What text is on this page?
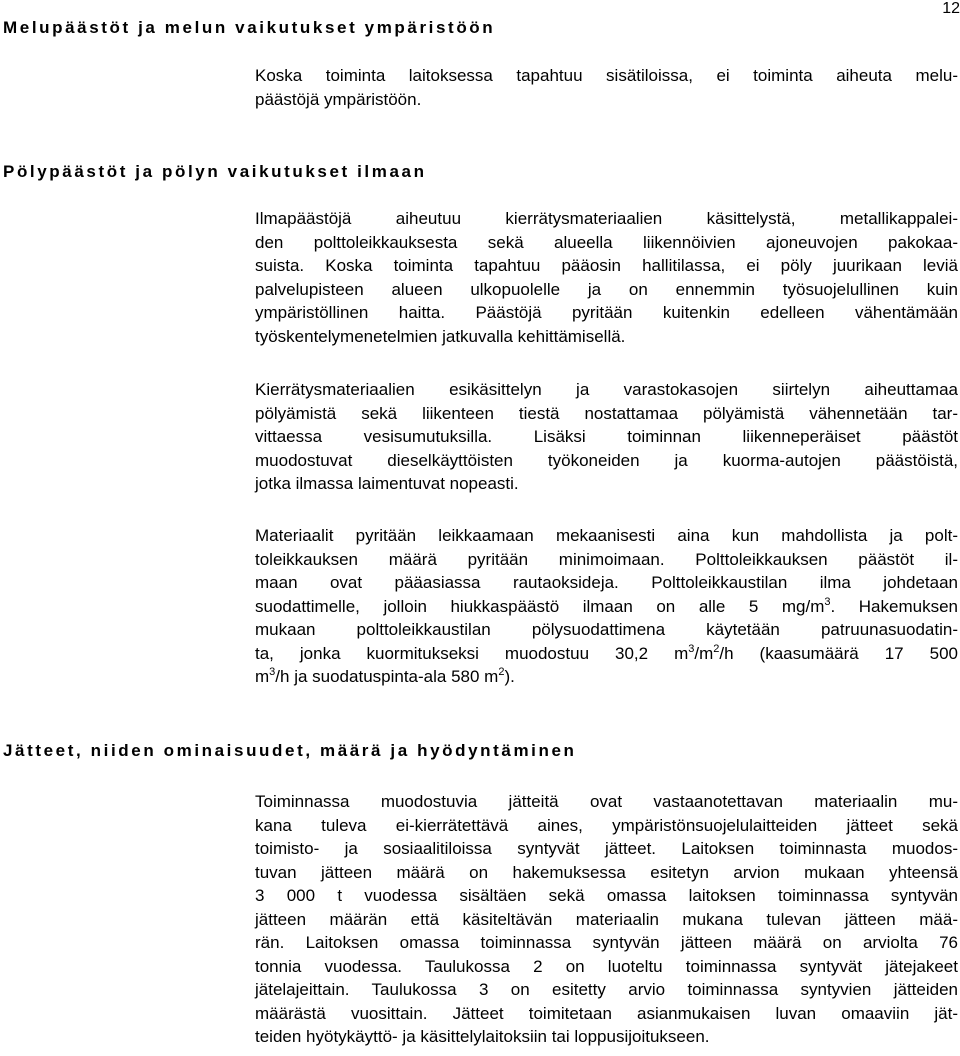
12
Melupäästöt ja melun vaikutukset ympäristöön

Koska toiminta laitoksessa tapahtuu sisätiloissa, ei toiminta aiheuta melu-
päästöjä ympäristöön.

Pölypäästöt ja pölyn vaikutukset ilmaan

Ilmapäästöjä aiheutuu kierrätysmateriaalien käsittelystä, metallikappalei-
den polttoleikkauksesta sekä alueella liikennöivien ajoneuvojen pakokaa-
suista. Koska toiminta tapahtuu pääosin hallitilassa, ei pöly juurikaan leviä
palvelupisteen alueen ulkopuolelle ja on ennemmin työsuojelullinen kuin
ympäristöllinen haitta. Päästöjä pyritään kuitenkin edelleen vähentämään
työskentelymenetelmien jatkuvalla kehittämisellä.

Kierrätysmateriaalien esikäsittelyn ja varastokasojen siirtelyn aiheuttamaa
pölyämistä sekä liikenteen tiestä nostattamaa pölyämistä vähennetään tar-
vittaessa vesisumutuksilla. Lisäksi toiminnan liikenneperäiset päästöt
muodostuvat dieselkäyttöisten työkoneiden ja kuorma-autojen päästöistä,
jotka ilmassa laimentuvat nopeasti.

Materiaalit pyritään leikkaamaan mekaanisesti aina kun mahdollista ja polt-
toleikkauksen määrä pyritään minimoimaan. Polttoleikkauksen päästöt il-
maan ovat pääasiassa rautaoksideja. Polttoleikkaustilan ilma johdetaan
suodattimelle, jolloin hiukkaspäästö ilmaan on alle 5 $mg/m^3$. Hakemuksen
mukaan polttoleikkaustilan pölysuodattimena käytetään patruunasuodatin-
ta, jonka kuormitukseksi muodostuu 30,2 $m^3/m^2/h$ (kaasumäärä 17 500
$m^3/h$ ja suodatuspinta-ala 580 $m^2$).

Jätteet, niiden ominaisuudet, määrä ja hyödyntäminen

Toiminnassa muodostuvia jätteitä ovat vastaanotettavan materiaalin mu-
kana tuleva ei-kierrätettävä aines, ympäristönsuojelulaitteiden jätteet sekä
toimisto- ja sosiaalitiloissa syntyvät jätteet. Laitoksen toiminnasta muodos-
tuvan jätteen määrä on hakemuksessa esitetyn arvion mukaan yhteensä
3 000 t vuodessa sisältäen sekä omassa laitoksen toiminnassa syntyvän
jätteen määrän että käsiteltävän materiaalin mukana tulevan jätteen mää-
rän. Laitoksen omassa toiminnassa syntyvän jätteen määrä on arviolta 76
tonnia vuodessa. Taulukossa 2 on luoteltu toiminnassa syntyvät jätejakeet
jätelajeittain. Taulukossa 3 on esitetty arvio toiminnassa syntyvien jätteiden
määrästä vuosittain. Jätteet toimitetaan asianmukaisen luvan omaaviin jät-
teiden hyötykäyttö- ja käsittelylaitoksiin tai loppusijoitukseen.
